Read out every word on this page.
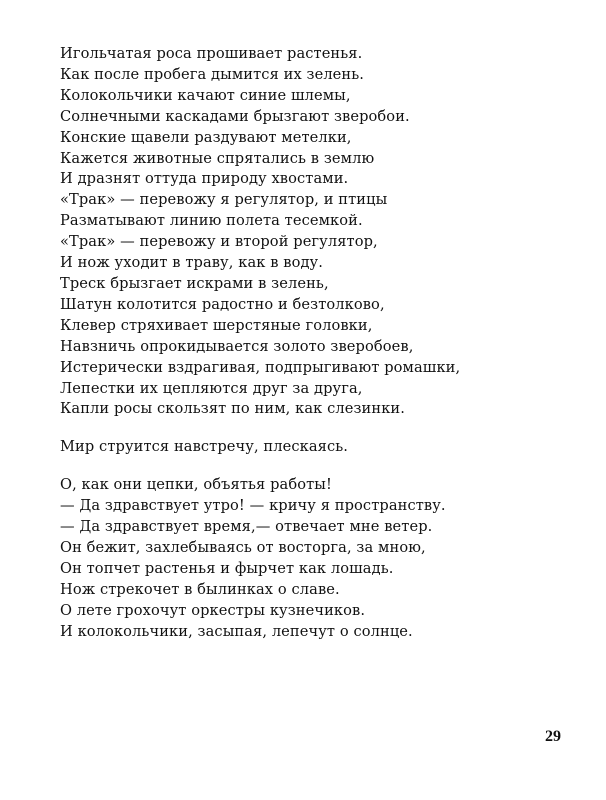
Игольчатая роса прошивает растенья.
Как после пробега дымится их зелень.
Колокольчики качают синие шлемы,
Солнечными каскадами брызгают зверобои.
Конские щавели раздувают метелки,
Кажется животные спрятались в землю
И дразнят оттуда природу хвостами.
«Трак» — перевожу я регулятор, и птицы
Разматывают линию полета тесемкой.
«Трак» — перевожу и второй регулятор,
И нож уходит в траву, как в воду.
Треск брызгает искрами в зелень,
Шатун колотится радостно и безтолково,
Клевер стряхивает шерстяные головки,
Навзничь опрокидывается золото зверобоев,
Истерически вздрагивая, подпрыгивают ромашки,
Лепестки их цепляются друг за друга,
Капли росы скользят по ним, как слезинки.
Мир струится навстречу, плескаясь.
О, как они цепки, объятья работы!
— Да здравствует утро! — кричу я пространству.
— Да здравствует время,— отвечает мне ветер.
Он бежит, захлебываясь от восторга, за мною,
Он топчет растенья и фырчет как лошадь.
Нож стрекочет в былинках о славе.
О лете грохочут оркестры кузнечиков.
И колокольчики, засыпая, лепечут о солнце.
29
